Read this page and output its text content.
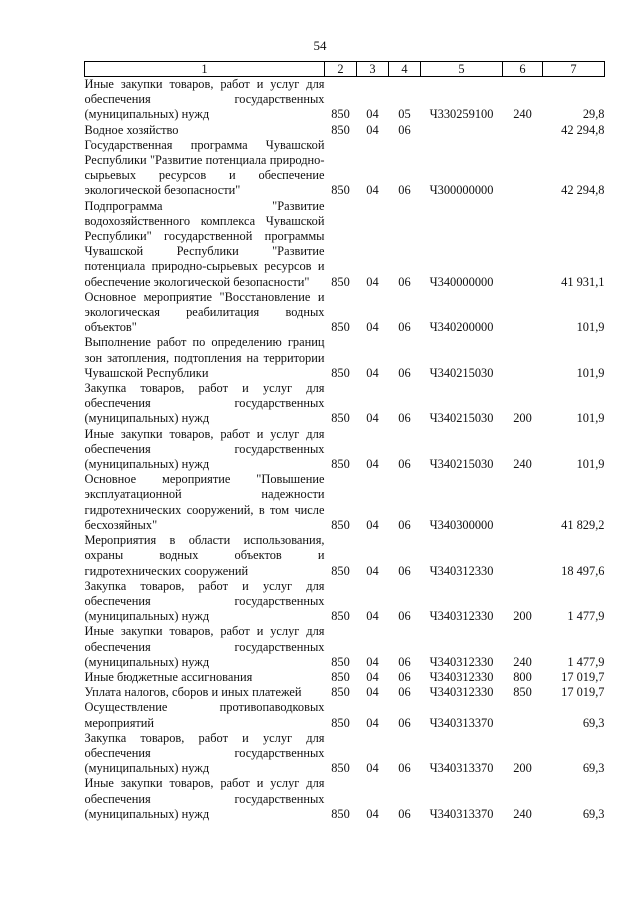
54
1	2	3	4	5	6	7
Иные закупки товаров, работ и услуг для обеспечения государственных (муниципальных) нужд	850	04	05	Ч330259100	240	29,8
Водное хозяйство	850	04	06			42 294,8
Государственная программа Чувашской Республики "Развитие потенциала природно-сырьевых ресурсов и обеспечение экологической безопасности"	850	04	06	Ч300000000		42 294,8
Подпрограмма "Развитие водохозяйственного комплекса Чувашской Республики" государственной программы Чувашской Республики "Развитие потенциала природно-сырьевых ресурсов и обеспечение экологической безопасности"	850	04	06	Ч340000000		41 931,1
Основное мероприятие "Восстановление и экологическая реабилитация водных объектов"	850	04	06	Ч340200000		101,9
Выполнение работ по определению границ зон затопления, подтопления на территории Чувашской Республики	850	04	06	Ч340215030		101,9
Закупка товаров, работ и услуг для обеспечения государственных (муниципальных) нужд	850	04	06	Ч340215030	200	101,9
Иные закупки товаров, работ и услуг для обеспечения государственных (муниципальных) нужд	850	04	06	Ч340215030	240	101,9
Основное мероприятие "Повышение эксплуатационной надежности гидротехнических сооружений, в том числе бесхозяйных"	850	04	06	Ч340300000		41 829,2
Мероприятия в области использования, охраны водных объектов и гидротехнических сооружений	850	04	06	Ч340312330		18 497,6
Закупка товаров, работ и услуг для обеспечения государственных (муниципальных) нужд	850	04	06	Ч340312330	200	1 477,9
Иные закупки товаров, работ и услуг для обеспечения государственных (муниципальных) нужд	850	04	06	Ч340312330	240	1 477,9
Иные бюджетные ассигнования	850	04	06	Ч340312330	800	17 019,7
Уплата налогов, сборов и иных платежей	850	04	06	Ч340312330	850	17 019,7
Осуществление противопаводковых мероприятий	850	04	06	Ч340313370		69,3
Закупка товаров, работ и услуг для обеспечения государственных (муниципальных) нужд	850	04	06	Ч340313370	200	69,3
Иные закупки товаров, работ и услуг для обеспечения государственных (муниципальных) нужд	850	04	06	Ч340313370	240	69,3
